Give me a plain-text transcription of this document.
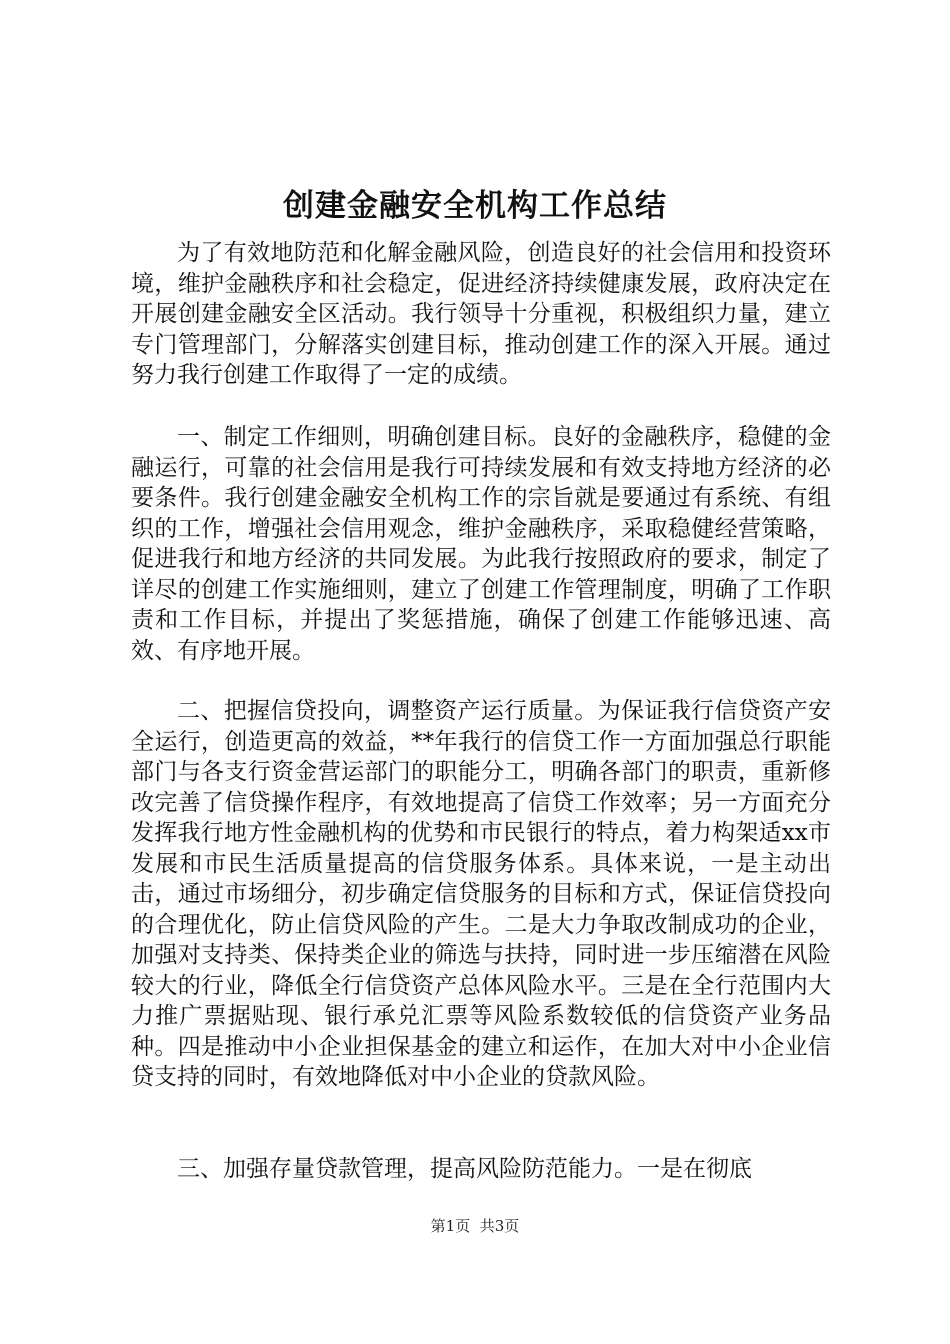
创建金融安全机构工作总结

为了有效地防范和化解金融风险，创造良好的社会信用和投资环境，维护金融秩序和社会稳定，促进经济持续健康发展，政府决定在开展创建金融安全区活动。我行领导十分重视，积极组织力量，建立专门管理部门，分解落实创建目标，推动创建工作的深入开展。通过努力我行创建工作取得了一定的成绩。

一、制定工作细则，明确创建目标。良好的金融秩序，稳健的金融运行，可靠的社会信用是我行可持续发展和有效支持地方经济的必要条件。我行创建金融安全机构工作的宗旨就是要通过有系统、有组织的工作，增强社会信用观念，维护金融秩序，采取稳健经营策略，促进我行和地方经济的共同发展。为此我行按照政府的要求，制定了详尽的创建工作实施细则，建立了创建工作管理制度，明确了工作职责和工作目标，并提出了奖惩措施，确保了创建工作能够迅速、高效、有序地开展。

二、把握信贷投向，调整资产运行质量。为保证我行信贷资产安全运行，创造更高的效益，**年我行的信贷工作一方面加强总行职能部门与各支行资金营运部门的职能分工，明确各部门的职责，重新修改完善了信贷操作程序，有效地提高了信贷工作效率；另一方面充分发挥我行地方性金融机构的优势和市民银行的特点，着力构架适xx市发展和市民生活质量提高的信贷服务体系。具体来说，一是主动出击，通过市场细分，初步确定信贷服务的目标和方式，保证信贷投向的合理优化，防止信贷风险的产生。二是大力争取改制成功的企业，加强对支持类、保持类企业的筛选与扶持，同时进一步压缩潜在风险较大的行业，降低全行信贷资产总体风险水平。三是在全行范围内大力推广票据贴现、银行承兑汇票等风险系数较低的信贷资产业务品种。四是推动中小企业担保基金的建立和运作，在加大对中小企业信贷支持的同时，有效地降低对中小企业的贷款风险。

三、加强存量贷款管理，提高风险防范能力。一是在彻底

第1页 共3页
